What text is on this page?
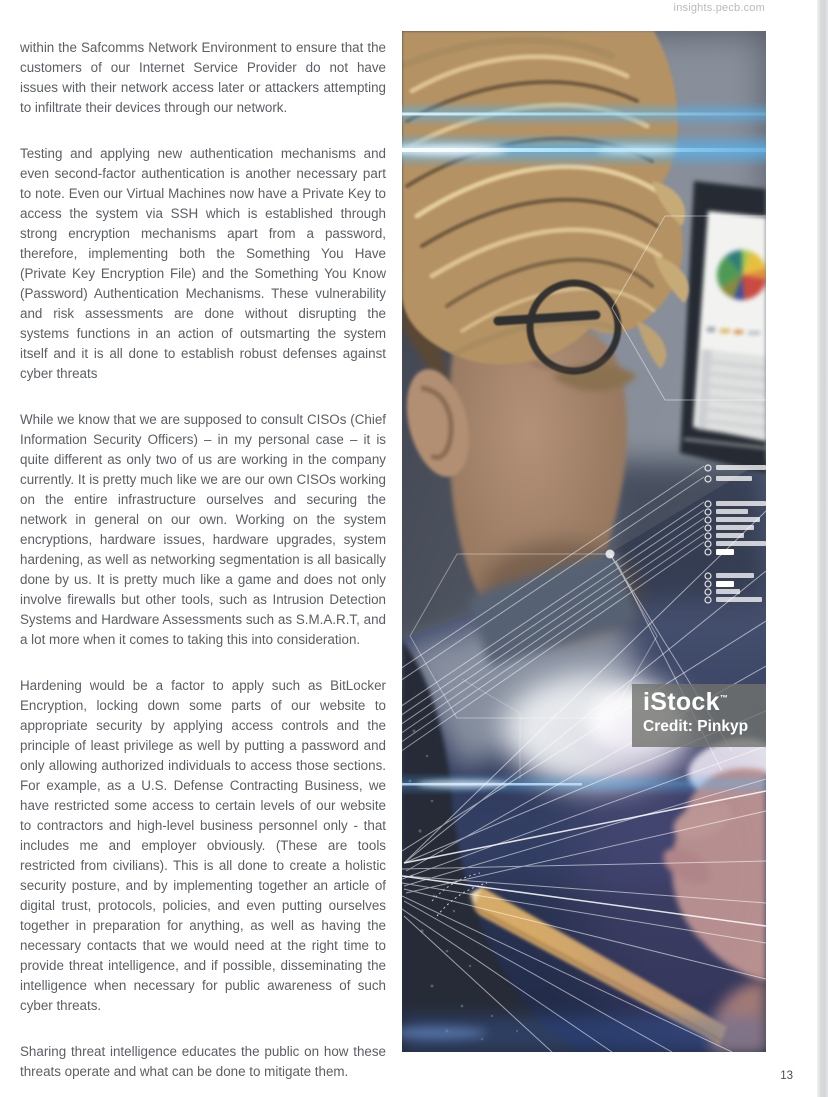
insights.pecb.com

within the Safcomms Network Environment to ensure that the customers of our Internet Service Provider do not have issues with their network access later or attackers attempting to infiltrate their devices through our network.

Testing and applying new authentication mechanisms and even second-factor authentication is another necessary part to note. Even our Virtual Machines now have a Private Key to access the system via SSH which is established through strong encryption mechanisms apart from a password, therefore, implementing both the Something You Have (Private Key Encryption File) and the Something You Know (Password) Authentication Mechanisms. These vulnerability and risk assessments are done without disrupting the systems functions in an action of outsmarting the system itself and it is all done to establish robust defenses against cyber threats

While we know that we are supposed to consult CISOs (Chief Information Security Officers) – in my personal case – it is quite different as only two of us are working in the company currently. It is pretty much like we are our own CISOs working on the entire infrastructure ourselves and securing the network in general on our own. Working on the system encryptions, hardware issues, hardware upgrades, system hardening, as well as networking segmentation is all basically done by us. It is pretty much like a game and does not only involve firewalls but other tools, such as Intrusion Detection Systems and Hardware Assessments such as S.M.A.R.T, and a lot more when it comes to taking this into consideration.

Hardening would be a factor to apply such as BitLocker Encryption, locking down some parts of our website to appropriate security by applying access controls and the principle of least privilege as well by putting a password and only allowing authorized individuals to access those sections. For example, as a U.S. Defense Contracting Business, we have restricted some access to certain levels of our website to contractors and high-level business personnel only - that includes me and employer obviously. (These are tools restricted from civilians). This is all done to create a holistic security posture, and by implementing together an article of digital trust, protocols, policies, and even putting ourselves together in preparation for anything, as well as having the necessary contacts that we would need at the right time to provide threat intelligence, and if possible, disseminating the intelligence when necessary for public awareness of such cyber threats.

Sharing threat intelligence educates the public on how these threats operate and what can be done to mitigate them.

iStock™
Credit: Pinkyp
13
